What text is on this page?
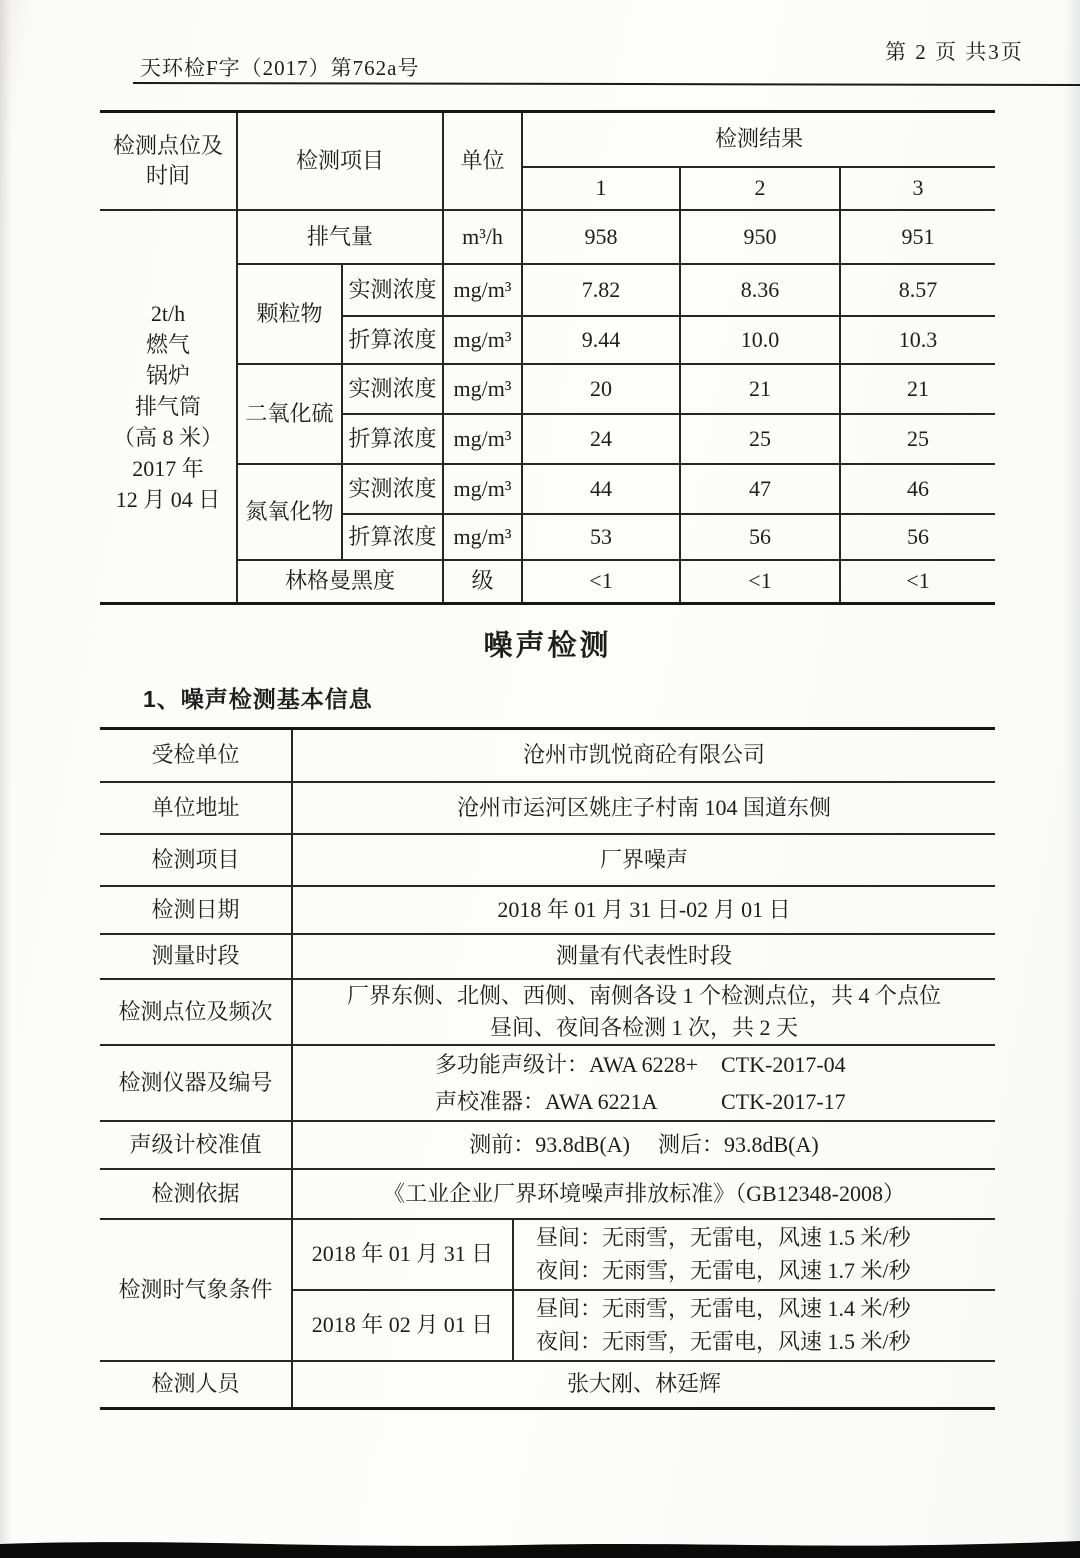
天环检F字（2017）第762a号
第 2 页 共3页
检测点位及
时间	检测项目		单位	检测结果		
				1	2	3

2t/h
燃气
锅炉
排气筒
（高 8 米）
2017 年
12 月 04 日
	排气量	m³/h	958	950	951
	颗粒物	实测浓度	mg/m³	7.82	8.36	8.57
		折算浓度	mg/m³	9.44	10.0	10.3
	二氧化硫	实测浓度	mg/m³	20	21	21
		折算浓度	mg/m³	24	25	25
	氮氧化物	实测浓度	mg/m³	44	47	46
		折算浓度	mg/m³	53	56	56
	林格曼黑度		级	<1	<1	<1
噪声检测
1、噪声检测基本信息
受检单位	沧州市凯悦商砼有限公司	
单位地址	沧州市运河区姚庄子村南 104 国道东侧	
检测项目	厂界噪声	
检测日期	2018 年 01 月 31 日-02 月 01 日	
测量时段	测量有代表性时段	
检测点位及频次	厂界东侧、北侧、西侧、南侧各设 1 个检测点位，共 4 个点位
昼间、夜间各检测 1 次，共 2 天	

检测仪器及编号	多功能声级计：AWA 6228+ CTK-2017-04
声校准器：AWA 6221A CTK-2017-17	

声级计校准值	测前：93.8dB(A) 测后：93.8dB(A)	

检测依据	《工业企业厂界环境噪声排放标准》（GB12348-2008）	
检测时气象条件	2018 年 01 月 31 日	昼间：无雨雪，无雷电，风速 1.5 米/秒
夜间：无雨雪，无雷电，风速 1.7 米/秒

	2018 年 02 月 01 日	昼间：无雨雪，无雷电，风速 1.4 米/秒
夜间：无雨雪，无雷电，风速 1.5 米/秒

检测人员	张大刚、林廷辉	
